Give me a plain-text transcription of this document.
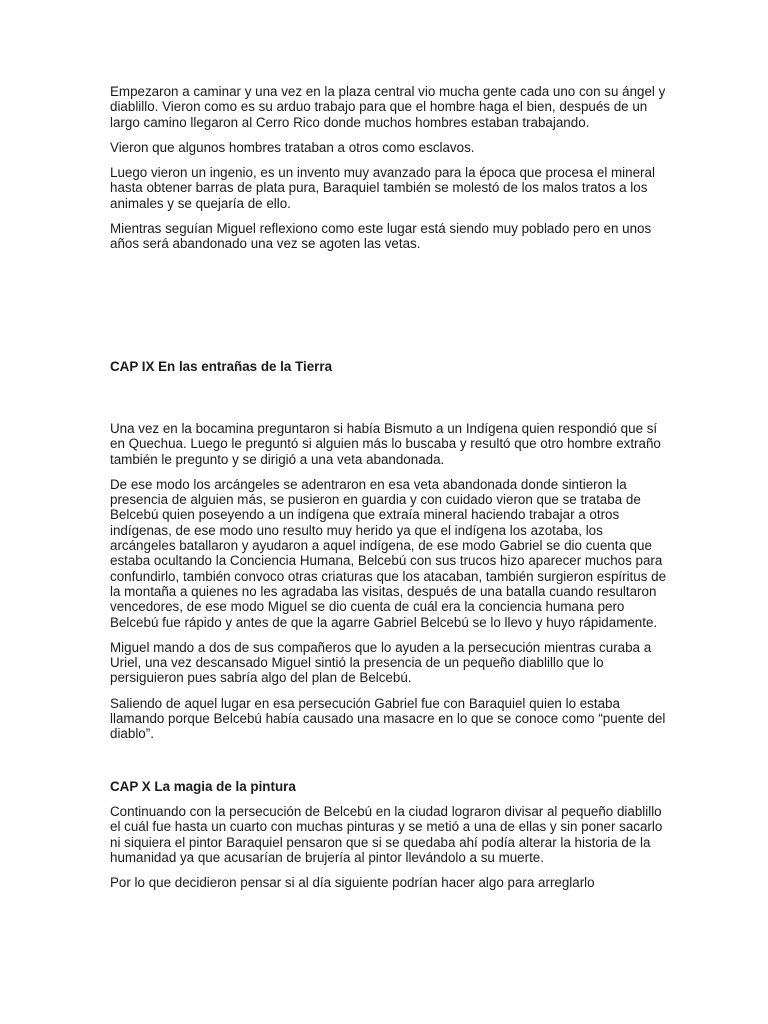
Empezaron a caminar y una vez en la plaza central vio mucha gente cada uno con su ángel y diablillo. Vieron como es su arduo trabajo para que el hombre haga el bien, después de un largo camino llegaron al Cerro Rico donde muchos hombres estaban trabajando.

Vieron que algunos hombres trataban a otros como esclavos.

Luego vieron un ingenio, es un invento muy avanzado para la época que procesa el mineral hasta obtener barras de plata pura, Baraquiel también se molestó de los malos tratos a los animales y se quejaría de ello.

Mientras seguían Miguel reflexiono como este lugar está siendo muy poblado pero en unos años será abandonado una vez se agoten las vetas.

CAP IX En las entrañas de la Tierra

Una vez en la bocamina preguntaron si había Bismuto a un Indígena quien respondió que sí en Quechua. Luego le preguntó si alguien más lo buscaba y resultó que otro hombre extraño también le pregunto y se dirigió a una veta abandonada.

De ese modo los arcángeles se adentraron en esa veta abandonada donde sintieron la presencia de alguien más, se pusieron en guardia y con cuidado vieron que se trataba de Belcebú quien poseyendo a un indígena que extraía mineral haciendo trabajar a otros indígenas, de ese modo uno resulto muy herido ya que el indígena los azotaba, los arcángeles batallaron y ayudaron a aquel indígena, de ese modo Gabriel se dio cuenta que estaba ocultando la Conciencia Humana, Belcebú con sus trucos hizo aparecer muchos para confundirlo, también convoco otras criaturas que los atacaban, también surgieron espíritus de la montaña a quienes no les agradaba las visitas, después de una batalla cuando resultaron vencedores, de ese modo Miguel se dio cuenta de cuál era la conciencia humana pero Belcebú fue rápido y antes de que la agarre Gabriel Belcebú se lo llevo y huyo rápidamente.

Miguel mando a dos de sus compañeros que lo ayuden a la persecución mientras curaba a Uriel, una vez descansado Miguel sintió la presencia de un pequeño diablillo que lo persiguieron pues sabría algo del plan de Belcebú.

Saliendo de aquel lugar en esa persecución Gabriel fue con Baraquiel quien lo estaba llamando porque Belcebú había causado una masacre en lo que se conoce como “puente del diablo”.

CAP X La magia de la pintura

Continuando con la persecución de Belcebú en la ciudad lograron divisar al pequeño diablillo el cuál fue hasta un cuarto con muchas pinturas y se metió a una de ellas y sin poner sacarlo ni siquiera el pintor Baraquiel pensaron que si se quedaba ahí podía alterar la historia de la humanidad ya que acusarían de brujería al pintor llevándolo a su muerte.

Por lo que decidieron pensar si al día siguiente podrían hacer algo para arreglarlo
